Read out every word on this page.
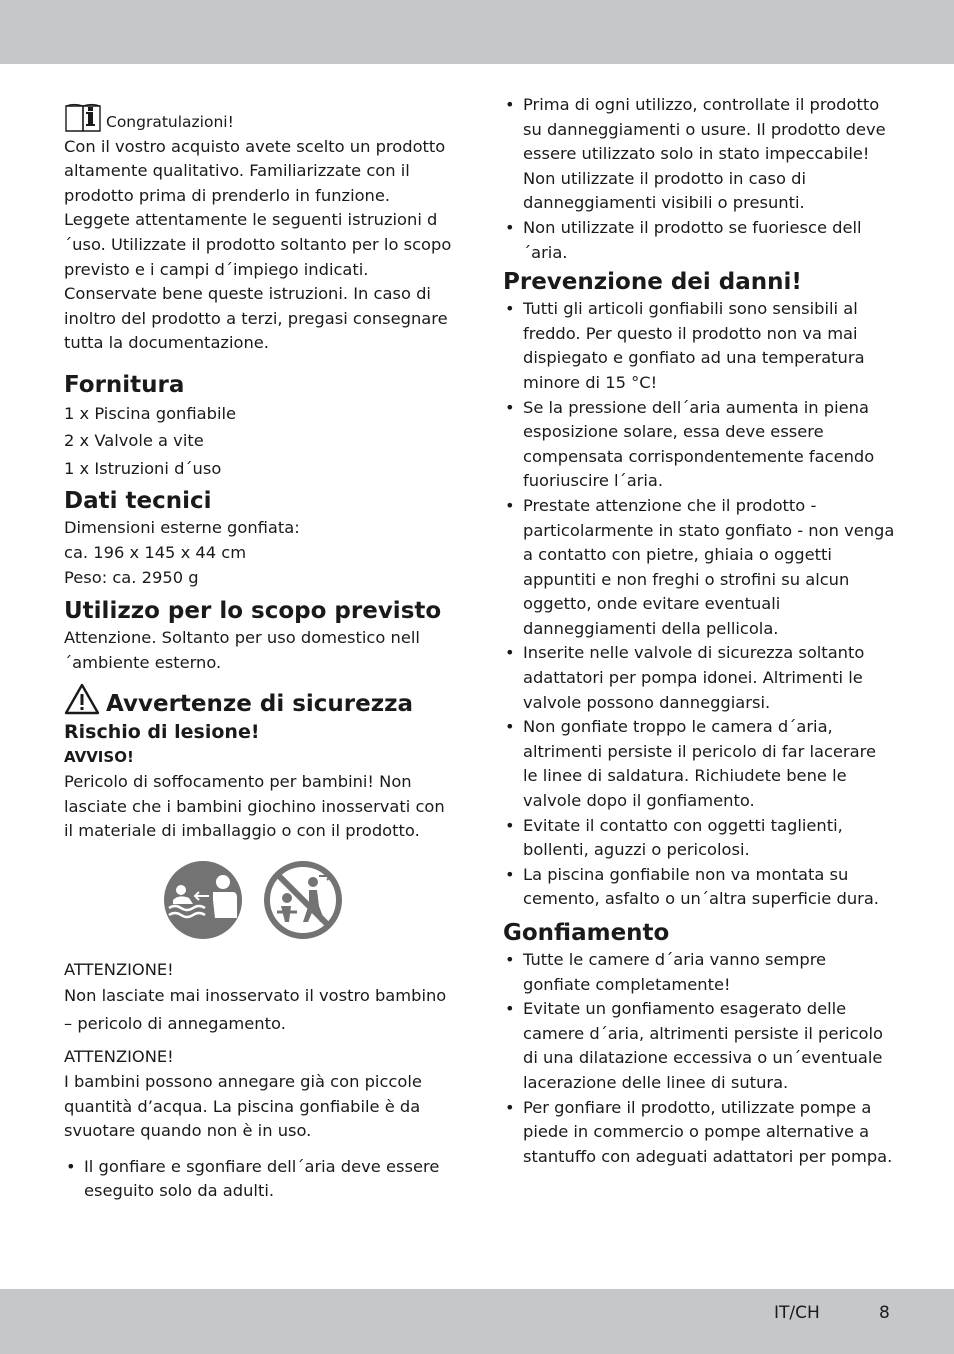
Congratulazioni!

Con il vostro acquisto avete scelto un prodotto altamente qualitativo. Familiarizzate con il prodotto prima di prenderlo in funzione. Leggete attentamente le seguenti istruzioni d´uso. Utilizzate il prodotto soltanto per lo scopo previsto e i campi d´impiego indicati. Conservate bene queste istruzioni. In caso di inoltro del prodotto a terzi, pregasi consegnare tutta la documentazione.

Fornitura

1 x Piscina gonfiabile

2 x Valvole a vite

1 x Istruzioni d´uso

Dati tecnici

Dimensioni esterne gonfiata:

ca. 196 x 145 x 44 cm

Peso: ca. 2950 g

Utilizzo per lo scopo previsto

Attenzione. Soltanto per uso domestico nell´ambiente esterno.

Avvertenze di sicurezza
Rischio di lesione!

AVVISO!

Pericolo di soffocamento per bambini! Non lasciate che i bambini giochino inosservati con il materiale di imballaggio o con il prodotto.

ATTENZIONE!

Non lasciate mai inosservato il vostro bambino – pericolo di annegamento.

ATTENZIONE!

I bambini possono annegare già con piccole quantità d’acqua. La piscina gonfiabile è da svuotare quando non è in uso.

• Il gonfiare e sgonfiare dell´aria deve essere eseguito solo da adulti.
• Prima di ogni utilizzo, controllate il prodotto su danneggiamenti o usure. Il prodotto deve essere utilizzato solo in stato impeccabile! Non utilizzate il prodotto in caso di danneggiamenti visibili o presunti.
• Non utilizzate il prodotto se fuoriesce dell´aria.
Prevenzione dei danni!
• Tutti gli articoli gonfiabili sono sensibili al freddo. Per questo il prodotto non va mai dispiegato e gonfiato ad una temperatura minore di 15 °C!
• Se la pressione dell´aria aumenta in piena esposizione solare, essa deve essere compensata corrispondentemente facendo fuoriuscire l´aria.
• Prestate attenzione che il prodotto - particolarmente in stato gonfiato - non venga a contatto con pietre, ghiaia o oggetti appuntiti e non freghi o strofini su alcun oggetto, onde evitare eventuali danneggiamenti della pellicola.
• Inserite nelle valvole di sicurezza soltanto adattatori per pompa idonei. Altrimenti le valvole possono danneggiarsi.
• Non gonfiate troppo le camera d´aria, altrimenti persiste il pericolo di far lacerare le linee di saldatura. Richiudete bene le valvole dopo il gonfiamento.
• Evitate il contatto con oggetti taglienti, bollenti, aguzzi o pericolosi.
• La piscina gonfiabile non va montata su cemento, asfalto o un´altra superficie dura.
Gonfiamento
• Tutte le camere d´aria vanno sempre gonfiate completamente!
• Evitate un gonfiamento esagerato delle camere d´aria, altrimenti persiste il pericolo di una dilatazione eccessiva o un´eventuale lacerazione delle linee di sutura.
• Per gonfiare il prodotto, utilizzate pompe a piede in commercio o pompe alternative a stantuffo con adeguati adattatori per pompa.
IT/CH	8
